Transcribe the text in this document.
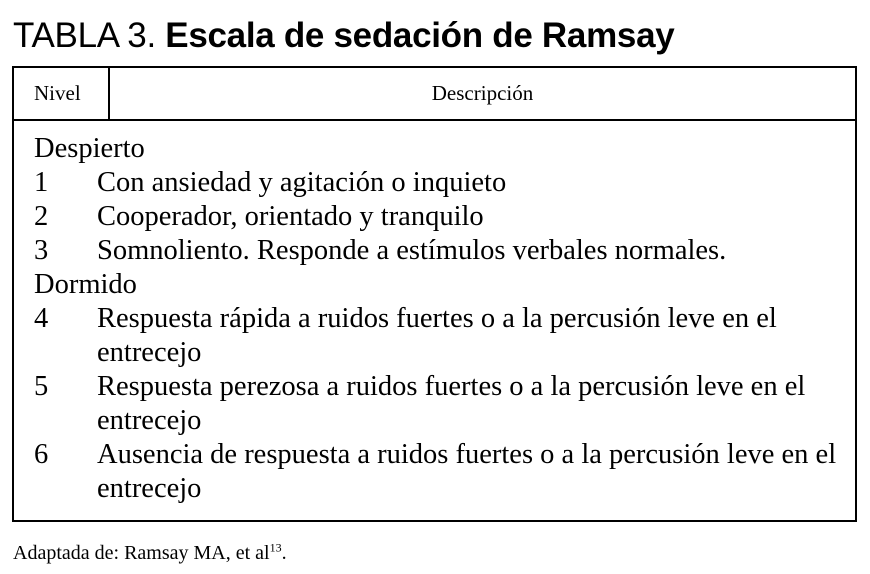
TABLA 3. Escala de sedación de Ramsay
Nivel	Descripción
Despierto
1	Con ansiedad y agitación o inquieto
2	Cooperador, orientado y tranquilo
3	Somnoliento. Responde a estímulos verbales normales.
Dormido
4	Respuesta rápida a ruidos fuertes o a la percusión leve en el entrecejo
5	Respuesta perezosa a ruidos fuertes o a la percusión leve en el entrecejo
6	Ausencia de respuesta a ruidos fuertes o a la percusión leve en el entrecejo
Adaptada de: Ramsay MA, et $al^{13}$.
